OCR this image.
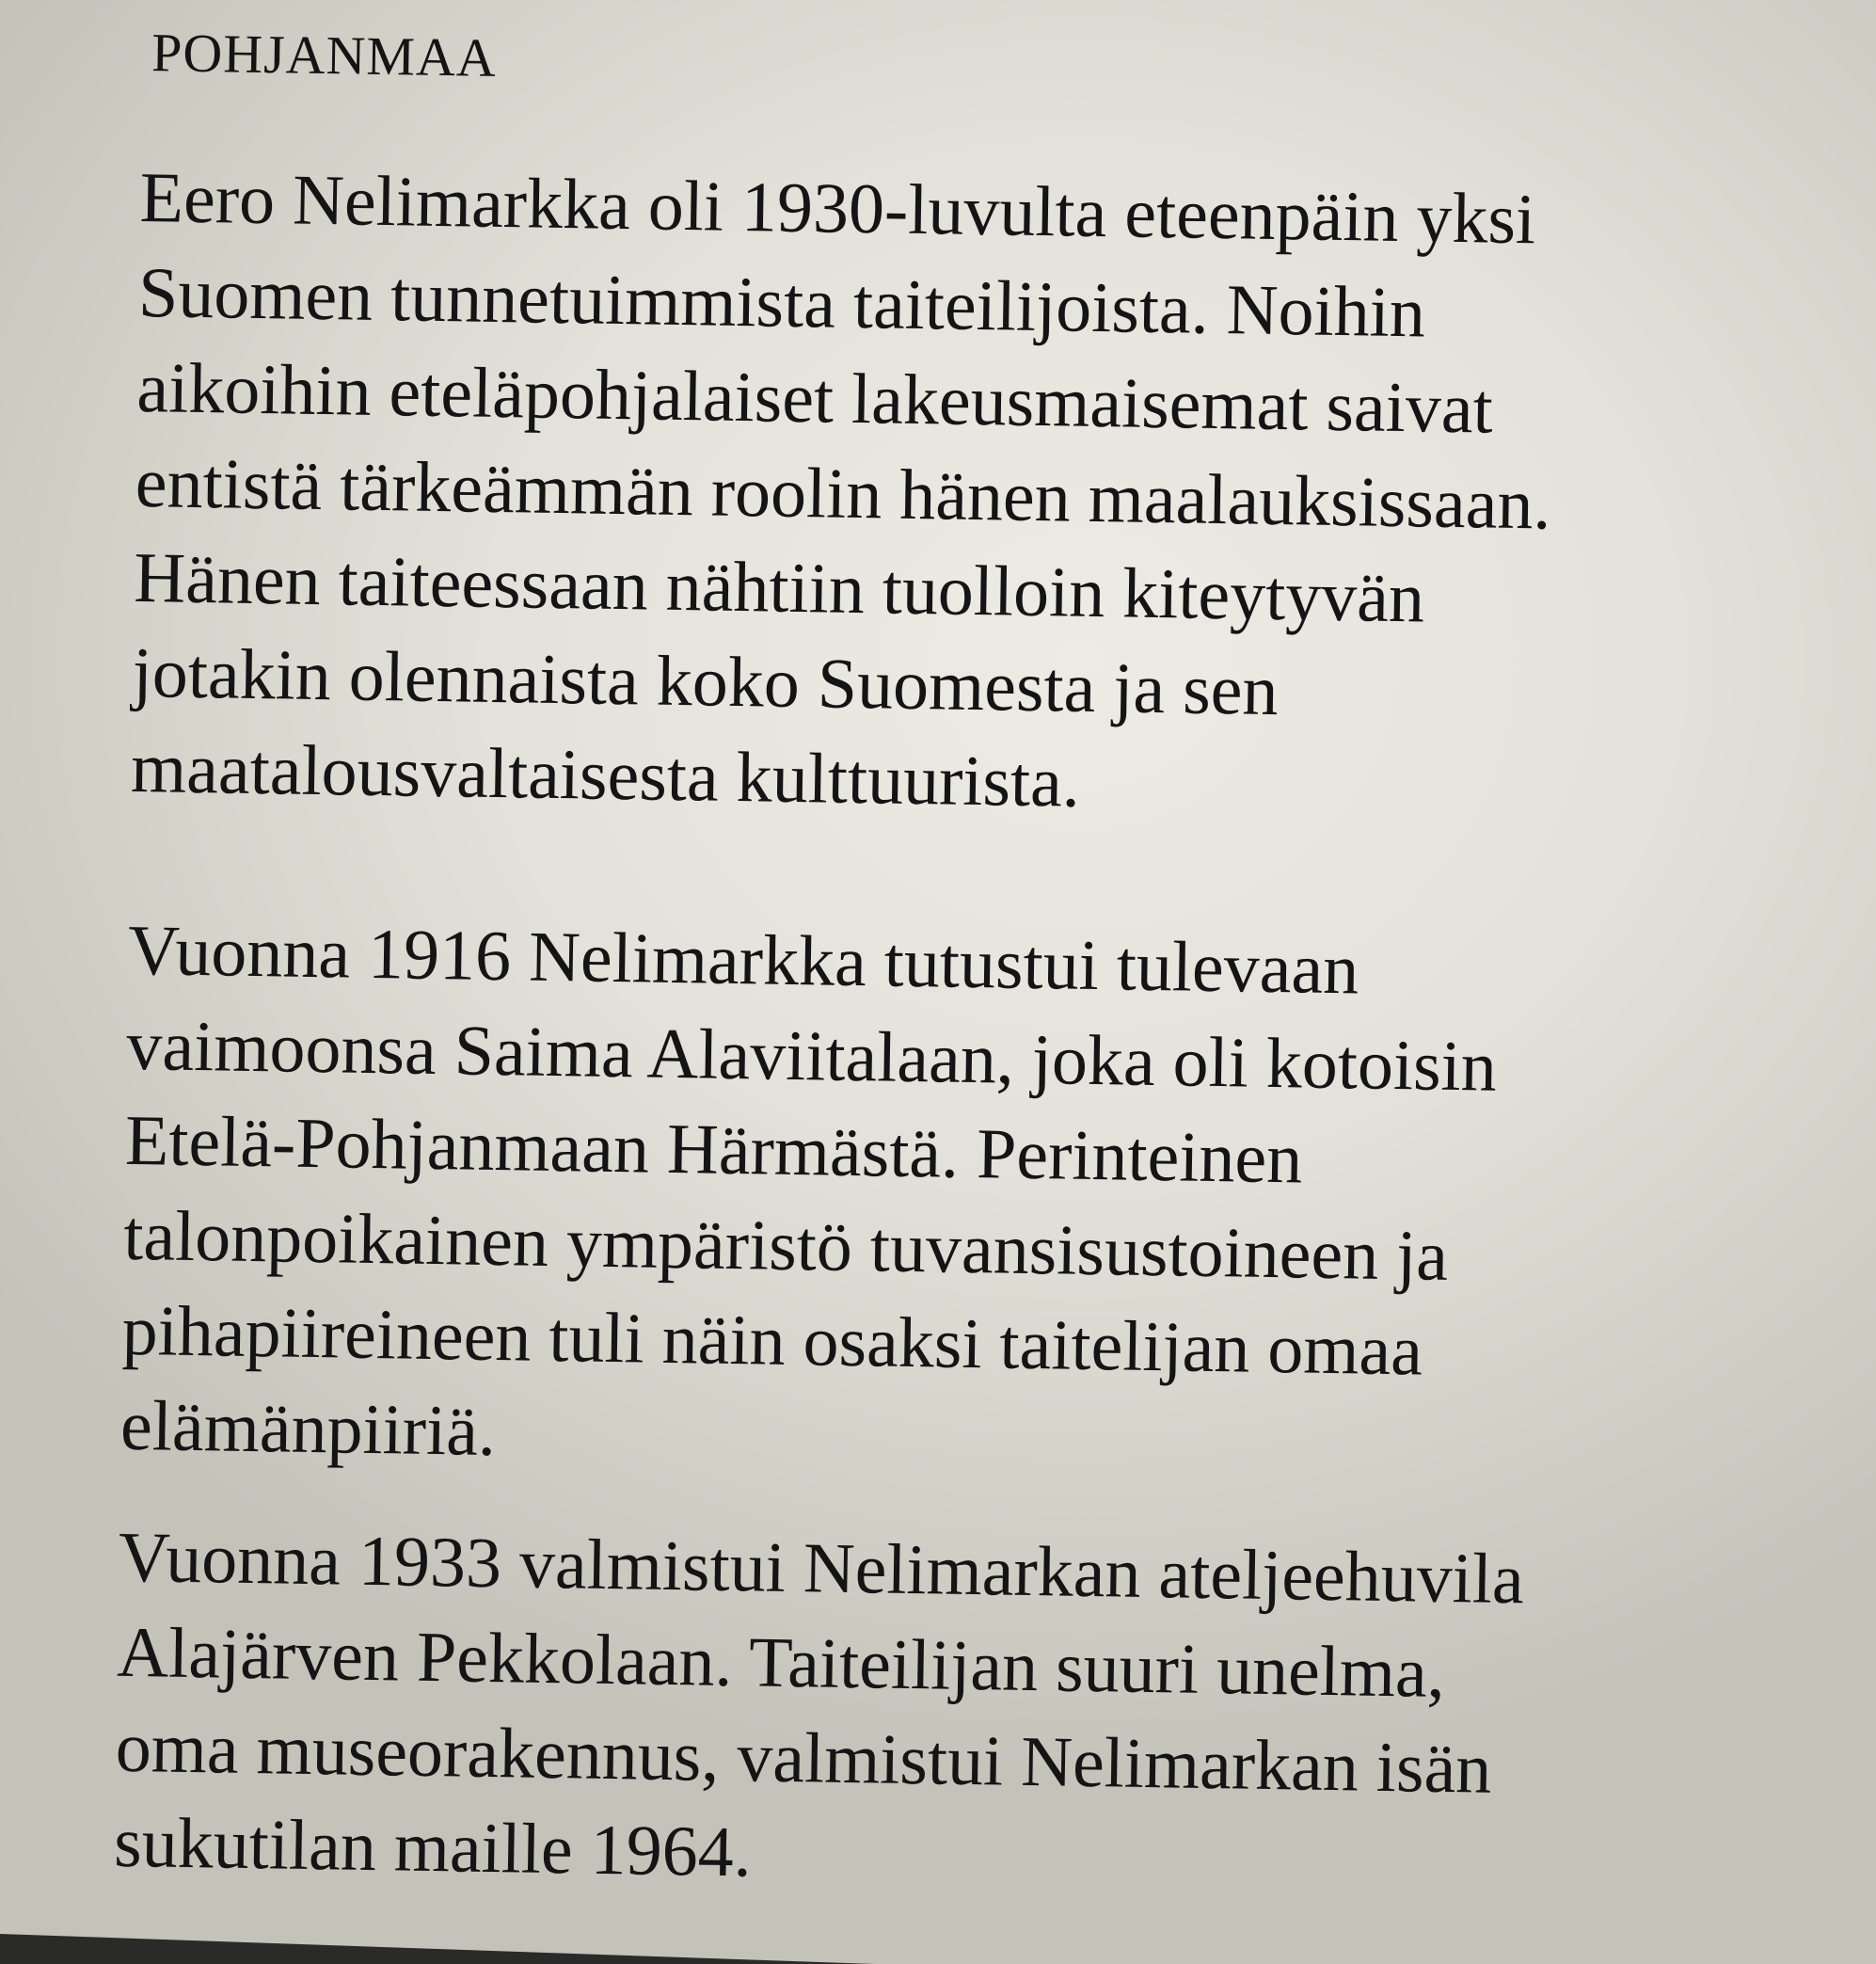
POHJANMAA

Eero Nelimarkka oli 1930-luvulta eteenpäin yksi
Suomen tunnetuimmista taiteilijoista. Noihin
aikoihin eteläpohjalaiset lakeusmaisemat saivat
entistä tärkeämmän roolin hänen maalauksissaan.
Hänen taiteessaan nähtiin tuolloin kiteytyvän
jotakin olennaista koko Suomesta ja sen
maatalousvaltaisesta kulttuurista.

Vuonna 1916 Nelimarkka tutustui tulevaan
vaimoonsa Saima Alaviitalaan, joka oli kotoisin
Etelä-Pohjanmaan Härmästä. Perinteinen
talonpoikainen ympäristö tuvansisustoineen ja
pihapiireineen tuli näin osaksi taitelijan omaa
elämänpiiriä.

Vuonna 1933 valmistui Nelimarkan ateljeehuvila
Alajärven Pekkolaan. Taiteilijan suuri unelma,
oma museorakennus, valmistui Nelimarkan isän
sukutilan maille 1964.
